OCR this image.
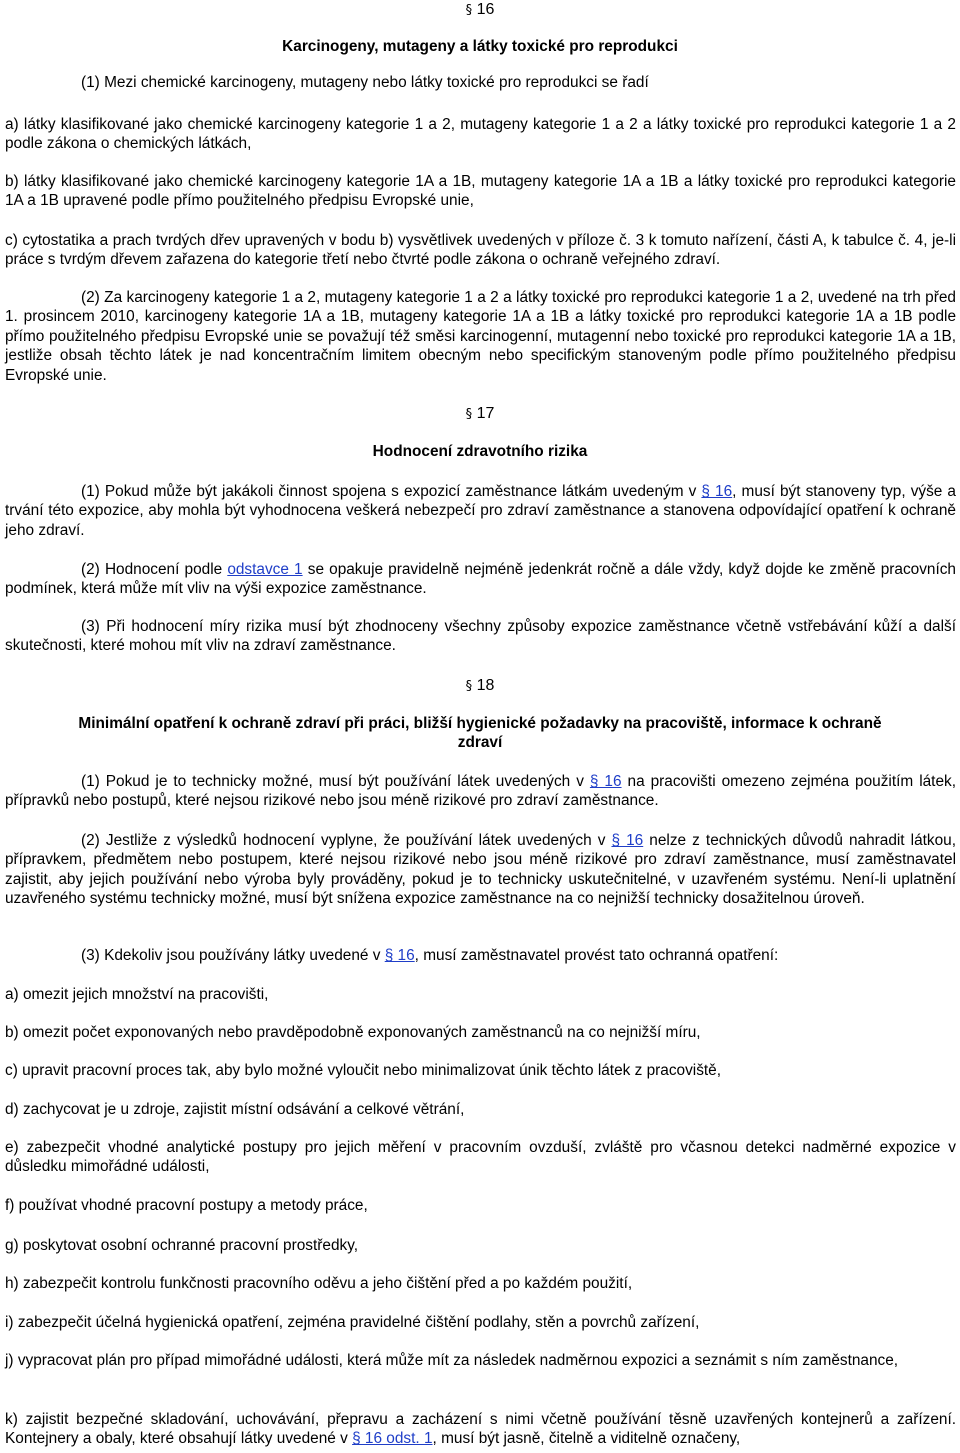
§ 16

Karcinogeny, mutageny a látky toxické pro reprodukci

(1) Mezi chemické karcinogeny, mutageny nebo látky toxické pro reprodukci se řadí

a) látky klasifikované jako chemické karcinogeny kategorie 1 a 2, mutageny kategorie 1 a 2 a látky toxické pro reprodukci kategorie 1 a 2 podle zákona o chemických látkách,

b) látky klasifikované jako chemické karcinogeny kategorie 1A a 1B, mutageny kategorie 1A a 1B a látky toxické pro reprodukci kategorie 1A a 1B upravené podle přímo použitelného předpisu Evropské unie,

c) cytostatika a prach tvrdých dřev upravených v bodu b) vysvětlivek uvedených v příloze č. 3 k tomuto nařízení, části A, k tabulce č. 4, je-li práce s tvrdým dřevem zařazena do kategorie třetí nebo čtvrté podle zákona o ochraně veřejného zdraví.

(2) Za karcinogeny kategorie 1 a 2, mutageny kategorie 1 a 2 a látky toxické pro reprodukci kategorie 1 a 2, uvedené na trh před 1. prosincem 2010, karcinogeny kategorie 1A a 1B, mutageny kategorie 1A a 1B a látky toxické pro reprodukci kategorie 1A a 1B podle přímo použitelného předpisu Evropské unie se považují též směsi karcinogenní, mutagenní nebo toxické pro reprodukci kategorie 1A a 1B, jestliže obsah těchto látek je nad koncentračním limitem obecným nebo specifickým stanoveným podle přímo použitelného předpisu Evropské unie.

§ 17

Hodnocení zdravotního rizika

(1) Pokud může být jakákoli činnost spojena s expozicí zaměstnance látkám uvedeným v § 16, musí být stanoveny typ, výše a trvání této expozice, aby mohla být vyhodnocena veškerá nebezpečí pro zdraví zaměstnance a stanovena odpovídající opatření k ochraně jeho zdraví.

(2) Hodnocení podle odstavce 1 se opakuje pravidelně nejméně jedenkrát ročně a dále vždy, když dojde ke změně pracovních podmínek, která může mít vliv na výši expozice zaměstnance.

(3) Při hodnocení míry rizika musí být zhodnoceny všechny způsoby expozice zaměstnance včetně vstřebávání kůží a další skutečnosti, které mohou mít vliv na zdraví zaměstnance.

§ 18

Minimální opatření k ochraně zdraví při práci, bližší hygienické požadavky na pracoviště, informace k ochraně zdraví

(1) Pokud je to technicky možné, musí být používání látek uvedených v § 16 na pracovišti omezeno zejména použitím látek, přípravků nebo postupů, které nejsou rizikové nebo jsou méně rizikové pro zdraví zaměstnance.

(2) Jestliže z výsledků hodnocení vyplyne, že používání látek uvedených v § 16 nelze z technických důvodů nahradit látkou, přípravkem, předmětem nebo postupem, které nejsou rizikové nebo jsou méně rizikové pro zdraví zaměstnance, musí zaměstnavatel zajistit, aby jejich používání nebo výroba byly prováděny, pokud je to technicky uskutečnitelné, v uzavřeném systému. Není-li uplatnění uzavřeného systému technicky možné, musí být snížena expozice zaměstnance na co nejnižší technicky dosažitelnou úroveň.

(3) Kdekoliv jsou používány látky uvedené v § 16, musí zaměstnavatel provést tato ochranná opatření:

a) omezit jejich množství na pracovišti,

b) omezit počet exponovaných nebo pravděpodobně exponovaných zaměstnanců na co nejnižší míru,

c) upravit pracovní proces tak, aby bylo možné vyloučit nebo minimalizovat únik těchto látek z pracoviště,

d) zachycovat je u zdroje, zajistit místní odsávání a celkové větrání,

e) zabezpečit vhodné analytické postupy pro jejich měření v pracovním ovzduší, zvláště pro včasnou detekci nadměrné expozice v důsledku mimořádné události,

f) používat vhodné pracovní postupy a metody práce,

g) poskytovat osobní ochranné pracovní prostředky,

h) zabezpečit kontrolu funkčnosti pracovního oděvu a jeho čištění před a po každém použití,

i) zabezpečit účelná hygienická opatření, zejména pravidelné čištění podlahy, stěn a povrchů zařízení,

j) vypracovat plán pro případ mimořádné události, která může mít za následek nadměrnou expozici a seznámit s ním zaměstnance,

k) zajistit bezpečné skladování, uchovávání, přepravu a zacházení s nimi včetně používání těsně uzavřených kontejnerů a zařízení. Kontejnery a obaly, které obsahují látky uvedené v § 16 odst. 1, musí být jasně, čitelně a viditelně označeny,
